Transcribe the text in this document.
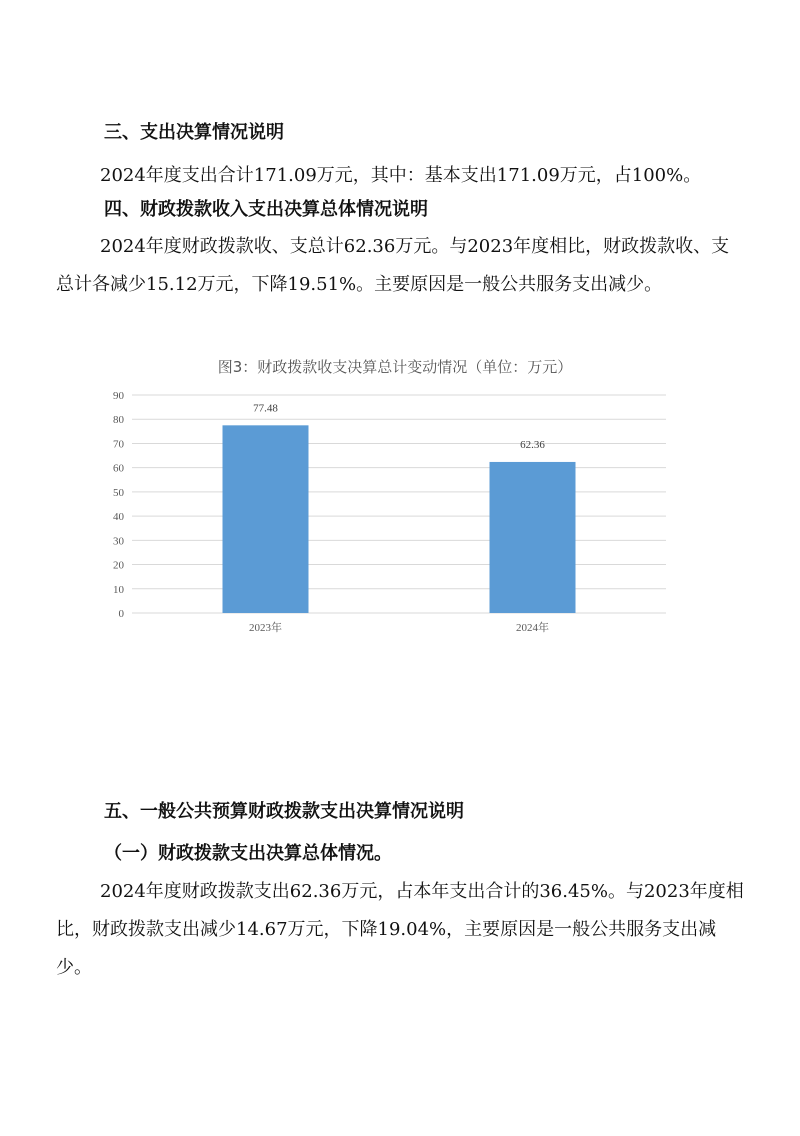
三、支出决算情况说明

2024年度支出合计171.09万元，其中：基本支出171.09万元，占100%。

四、财政拨款收入支出决算总体情况说明

2024年度财政拨款收、支总计62.36万元。与2023年度相比，财政拨款收、支总计各减少15.12万元，下降19.51%。主要原因是一般公共服务支出减少。

图3：财政拨款收支决算总计变动情况（单位：万元）
0
10
20
30
40
50
60
70
80
90
77.48
2023年
62.36
2024年
五、一般公共预算财政拨款支出决算情况说明
（一）财政拨款支出决算总体情况。

2024年度财政拨款支出62.36万元，占本年支出合计的36.45%。与2023年度相比，财政拨款支出减少14.67万元，下降19.04%，主要原因是一般公共服务支出减少。
